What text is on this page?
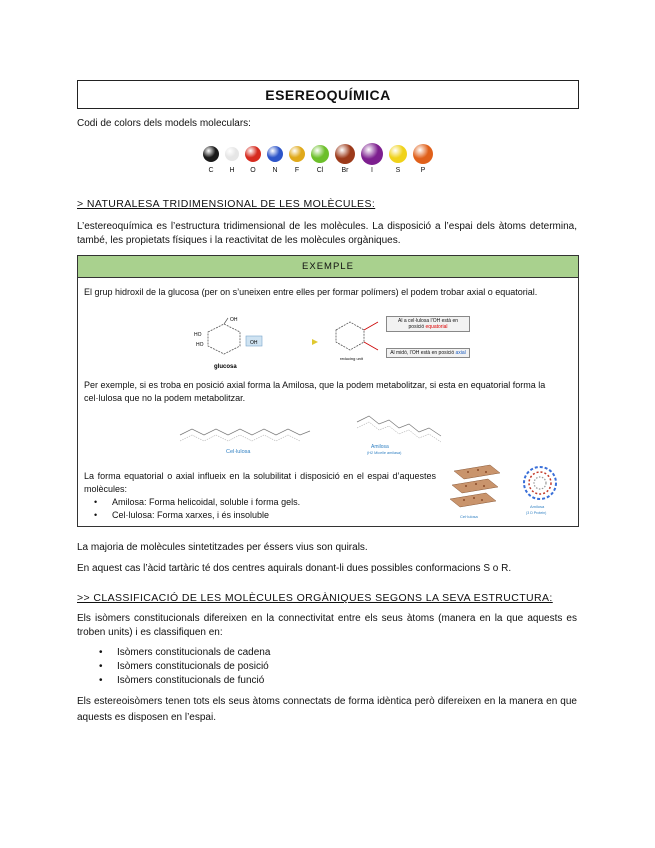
ESEREOQUÍMICA
Codi de colors dels models moleculars:
C	H	O	N	F	Cl	Br	I	S	P
> NATURALESA TRIDIMENSIONAL DE LES MOLÈCULES:
L’estereoquímica es l’estructura tridimensional de les molècules. La disposició a l’espai dels àtoms determina, també, les propietats físiques i la reactivitat de les molècules orgàniques.
EXEMPLE
El grup hidroxil de la glucosa (per on s’uneixen entre elles per formar polímers) el podem trobar axial o equatorial.
OH
OH
HO
HO
glucosa
reducing unit
Al a cel·lulosa l’OH està en posició equatorial
Al midó, l’OH està en posició axial
Per exemple, si es troba en posició axial forma la Amilosa, que la podem metabolitzar, si esta en equatorial forma la cel·lulosa que no la podem metabolitzar.
Cel·lulosa
Amilosa
(H2 Micelle amilasa)
La forma equatorial o axial influeix en la solubilitat i disposició en el espai d’aquestes molècules:
• Amilosa: Forma helicoidal, soluble i forma gels.
• Cel·lulosa: Forma xarxes, i és insoluble	Cel·lulosa
Amilosa
(3 D Protein)
La majoria de molècules sintetitzades per éssers vius son quirals.
En aquest cas l’àcid tartàric té dos centres aquirals donant-li dues possibles conformacions S o R.
>> CLASSIFICACIÓ DE LES MOLÈCULES ORGÀNIQUES SEGONS LA SEVA ESTRUCTURA:
Els isòmers constitucionals difereixen en la connectivitat entre els seus àtoms (manera en la que aquests es troben units) i es classifiquen en:
• Isòmers constitucionals de cadena
• Isòmers constitucionals de posició
• Isòmers constitucionals de funció
Els estereoisòmers tenen tots els seus àtoms connectats de forma idèntica però difereixen en la manera en que aquests es disposen en l’espai.
